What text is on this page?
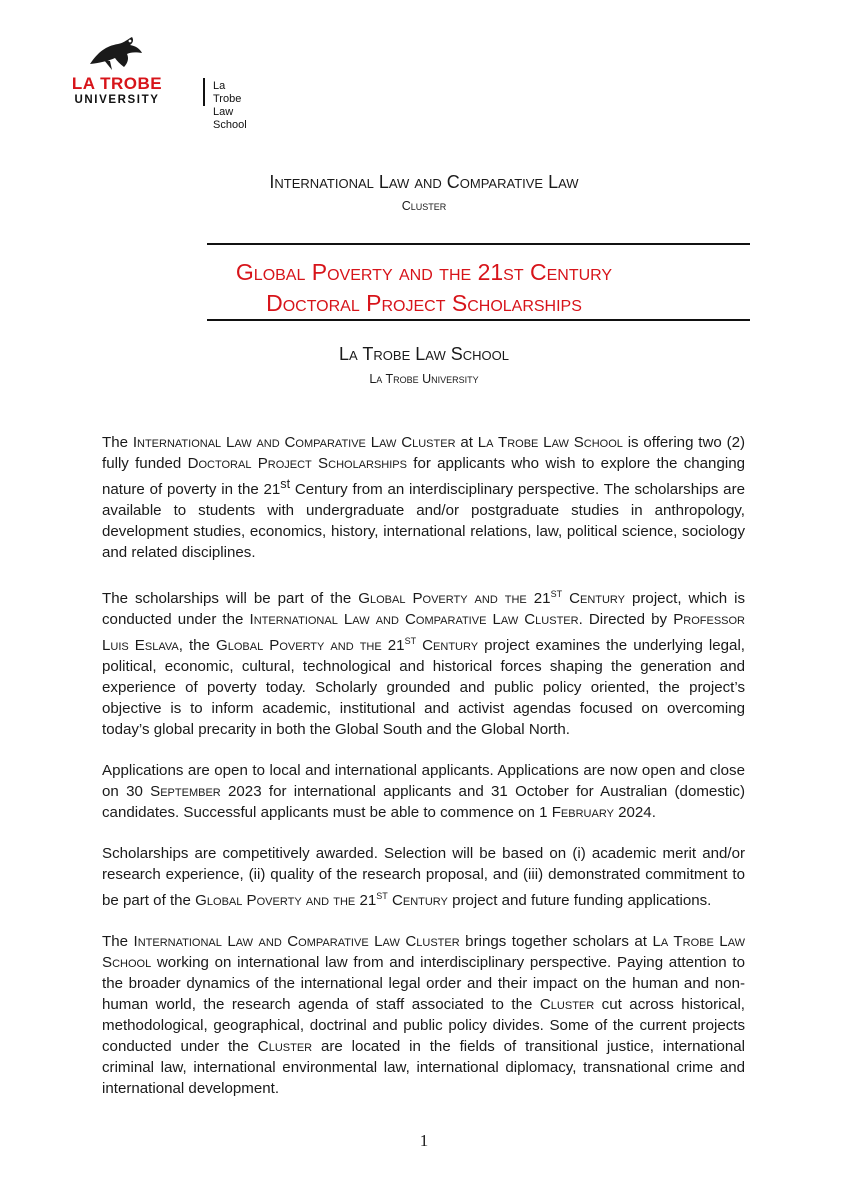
LA TROBE
UNIVERSITY
La Trobe
Law School
International Law and Comparative Law
Cluster
Global Poverty and the 21st Century
Doctoral Project Scholarships
La Trobe Law School
La Trobe University

The International Law and Comparative Law Cluster at La Trobe Law School is offering two (2) fully funded Doctoral Project Scholarships for applicants who wish to explore the changing nature of poverty in the 21st Century from an interdisciplinary perspective. The scholarships are available to students with undergraduate and/or postgraduate studies in anthropology, development studies, economics, history, international relations, law, political science, sociology and related disciplines.

The scholarships will be part of the Global Poverty and the 21st Century project, which is conducted under the International Law and Comparative Law Cluster. Directed by Professor Luis Eslava, the Global Poverty and the 21st Century project examines the underlying legal, political, economic, cultural, technological and historical forces shaping the generation and experience of poverty today. Scholarly grounded and public policy oriented, the project’s objective is to inform academic, institutional and activist agendas focused on overcoming today’s global precarity in both the Global South and the Global North.

Applications are open to local and international applicants. Applications are now open and close on 30 September 2023 for international applicants and 31 October for Australian (domestic) candidates. Successful applicants must be able to commence on 1 February 2024.

Scholarships are competitively awarded. Selection will be based on (i) academic merit and/or research experience, (ii) quality of the research proposal, and (iii) demonstrated commitment to be part of the Global Poverty and the 21st Century project and future funding applications.

The International Law and Comparative Law Cluster brings together scholars at La Trobe Law School working on international law from and interdisciplinary perspective. Paying attention to the broader dynamics of the international legal order and their impact on the human and non-human world, the research agenda of staff associated to the Cluster cut across historical, methodological, geographical, doctrinal and public policy divides. Some of the current projects conducted under the Cluster are located in the fields of transitional justice, international criminal law, international environmental law, international diplomacy, transnational crime and international development.

1
